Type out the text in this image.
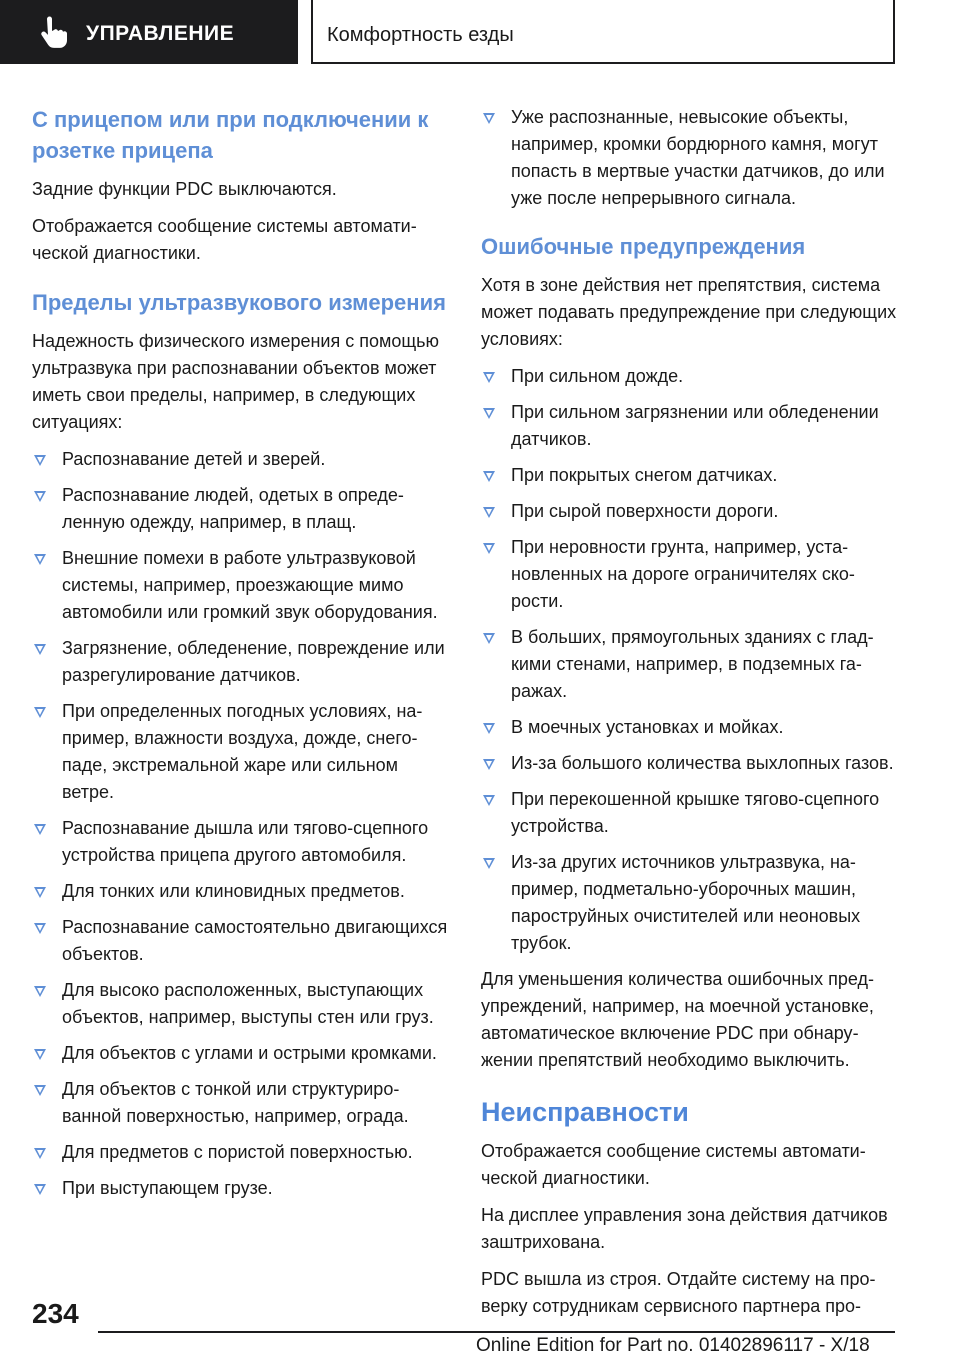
УПРАВЛЕНИЕ	Комфортность езды
С прицепом или при подключении к розетке прицепа

Задние функции PDC выключаются.

Отображается сообщение системы автоматической диагностики.

Пределы ультразвукового измерения

Надежность физического измерения с помощью ультразвука при распознавании объектов может иметь свои пределы, например, в следующих ситуациях:

Распознавание детей и зверей.
Распознавание людей, одетых в определенную одежду, например, в плащ.
Внешние помехи в работе ультразвуковой системы, например, проезжающие мимо автомобили или громкий звук оборудования.
Загрязнение, обледенение, повреждение или разрегулирование датчиков.
При определенных погодных условиях, например, влажности воздуха, дожде, снегопаде, экстремальной жаре или сильном ветре.
Распознавание дышла или тягово-сцепного устройства прицепа другого автомобиля.
Для тонких или клиновидных предметов.
Распознавание самостоятельно двигающихся объектов.
Для высоко расположенных, выступающих объектов, например, выступы стен или груз.
Для объектов с углами и острыми кромками.
Для объектов с тонкой или структурированной поверхностью, например, ограда.
Для предметов с пористой поверхностью.
При выступающем грузе.
Уже распознанные, невысокие объекты, например, кромки бордюрного камня, могут попасть в мертвые участки датчиков, до или уже после непрерывного сигнала.
Ошибочные предупреждения

Хотя в зоне действия нет препятствия, система может подавать предупреждение при следующих условиях:

При сильном дожде.
При сильном загрязнении или обледенении датчиков.
При покрытых снегом датчиках.
При сырой поверхности дороги.
При неровности грунта, например, установленных на дороге ограничителях скорости.
В больших, прямоугольных зданиях с гладкими стенами, например, в подземных гаражах.
В моечных установках и мойках.
Из-за большого количества выхлопных газов.
При перекошенной крышке тягово-сцепного устройства.
Из-за других источников ультразвука, например, подметально-уборочных машин, пароструйных очистителей или неоновых трубок.

Для уменьшения количества ошибочных предупреждений, например, на моечной установке, автоматическое включение PDC при обнаружении препятствий необходимо выключить.

Неисправности

Отображается сообщение системы автоматической диагностики.

На дисплее управления зона действия датчиков заштрихована.

PDC вышла из строя. Отдайте систему на проверку сотрудникам сервисного партнера про-

234
Online Edition for Part no. 01402896117 - X/18
